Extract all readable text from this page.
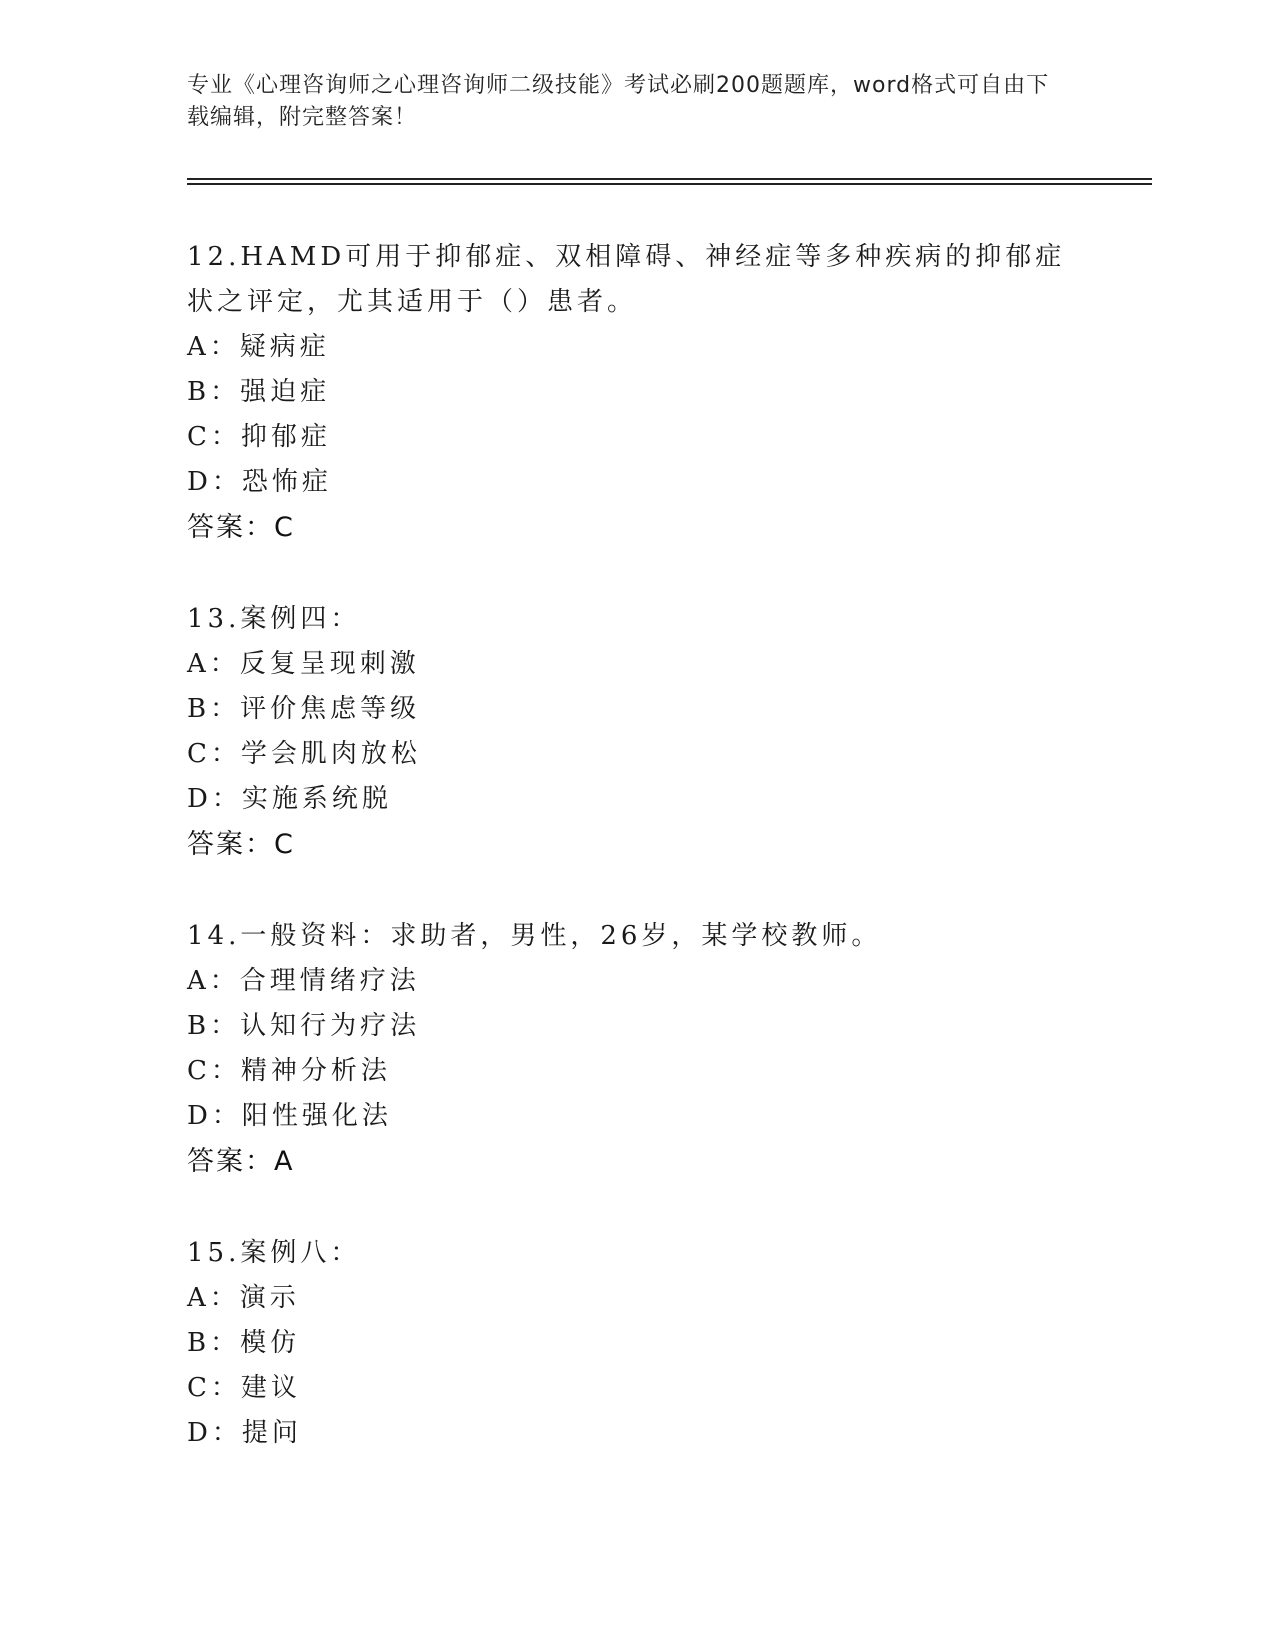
专业《心理咨询师之心理咨询师二级技能》考试必刷200题题库，word格式可自由下载编辑，附完整答案！

12.HAMD可用于抑郁症、双相障碍、神经症等多种疾病的抑郁症状之评定，尤其适用于（）患者。

A：疑病症

B：强迫症

C：抑郁症

D：恐怖症

答案：C

13.案例四：

A：反复呈现刺激

B：评价焦虑等级

C：学会肌肉放松

D：实施系统脱

答案：C

14.一般资料：求助者，男性，26岁，某学校教师。

A：合理情绪疗法

B：认知行为疗法

C：精神分析法

D：阳性强化法

答案：A

15.案例八：

A：演示

B：模仿

C：建议

D：提问
